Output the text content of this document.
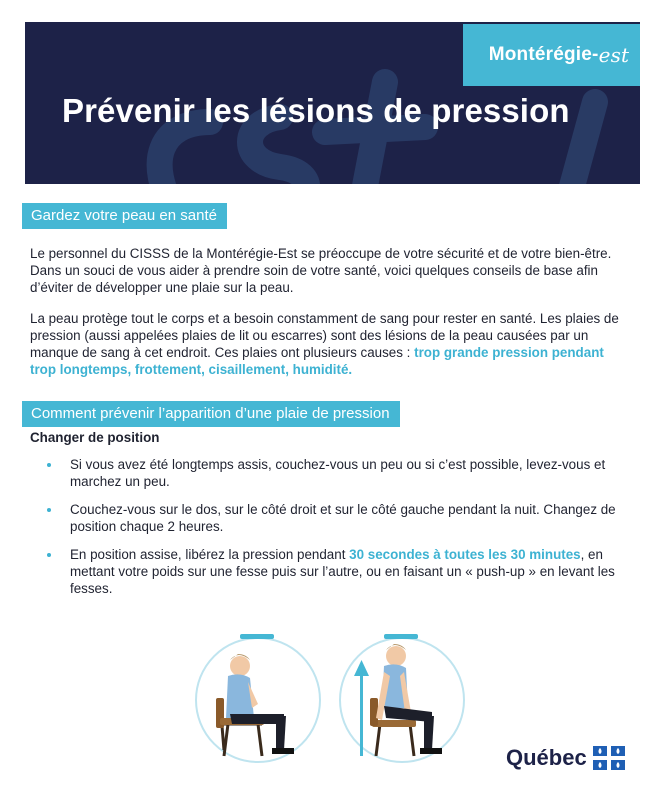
Montérégie- est
Prévenir les lésions de pression
Gardez votre peau en santé

Le personnel du CISSS de la Montérégie-Est se préoccupe de votre sécurité et de votre bien-être. Dans un souci de vous aider à prendre soin de votre santé, voici quelques conseils de base afin d’éviter de développer une plaie sur la peau.

La peau protège tout le corps et a besoin constamment de sang pour rester en santé. Les plaies de pression (aussi appelées plaies de lit ou escarres) sont des lésions de la peau causées par un manque de sang à cet endroit. Ces plaies ont plusieurs causes : trop grande pression pendant trop longtemps, frottement, cisaillement, humidité.

Comment prévenir l’apparition d’une plaie de pression

Changer de position

Si vous avez été longtemps assis, couchez-vous un peu ou si c’est possible, levez-vous et marchez un peu.
Couchez-vous sur le dos, sur le côté droit et sur le côté gauche pendant la nuit. Changez de position chaque 2 heures.
En position assise, libérez la pression pendant 30 secondes à toutes les 30 minutes, en mettant votre poids sur une fesse puis sur l’autre, ou en faisant un « push-up » en levant les fesses.
Québec
